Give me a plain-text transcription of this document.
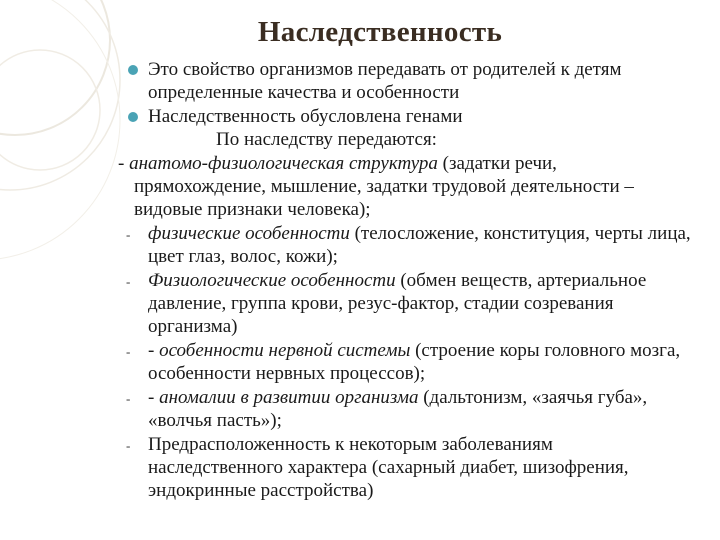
Наследственность
Это свойство организмов передавать от родителей к детям определенные качества и особенности
Наследственность обусловлена генами
По наследству передаются:
- анатомо-физиологическая структура (задатки речи, прямохождение, мышление, задатки трудовой деятельности – видовые признаки человека);
- физические особенности (телосложение, конституция, черты лица, цвет глаз, волос, кожи);
- Физиологические особенности (обмен веществ, артериальное давление, группа крови, резус-фактор, стадии созревания организма)
- - особенности нервной системы (строение коры головного мозга, особенности нервных процессов);
- - аномалии в развитии организма (дальтонизм, «заячья губа», «волчья пасть»);
- Предрасположенность к некоторым заболеваниям наследственного характера (сахарный диабет, шизофрения, эндокринные расстройства)
